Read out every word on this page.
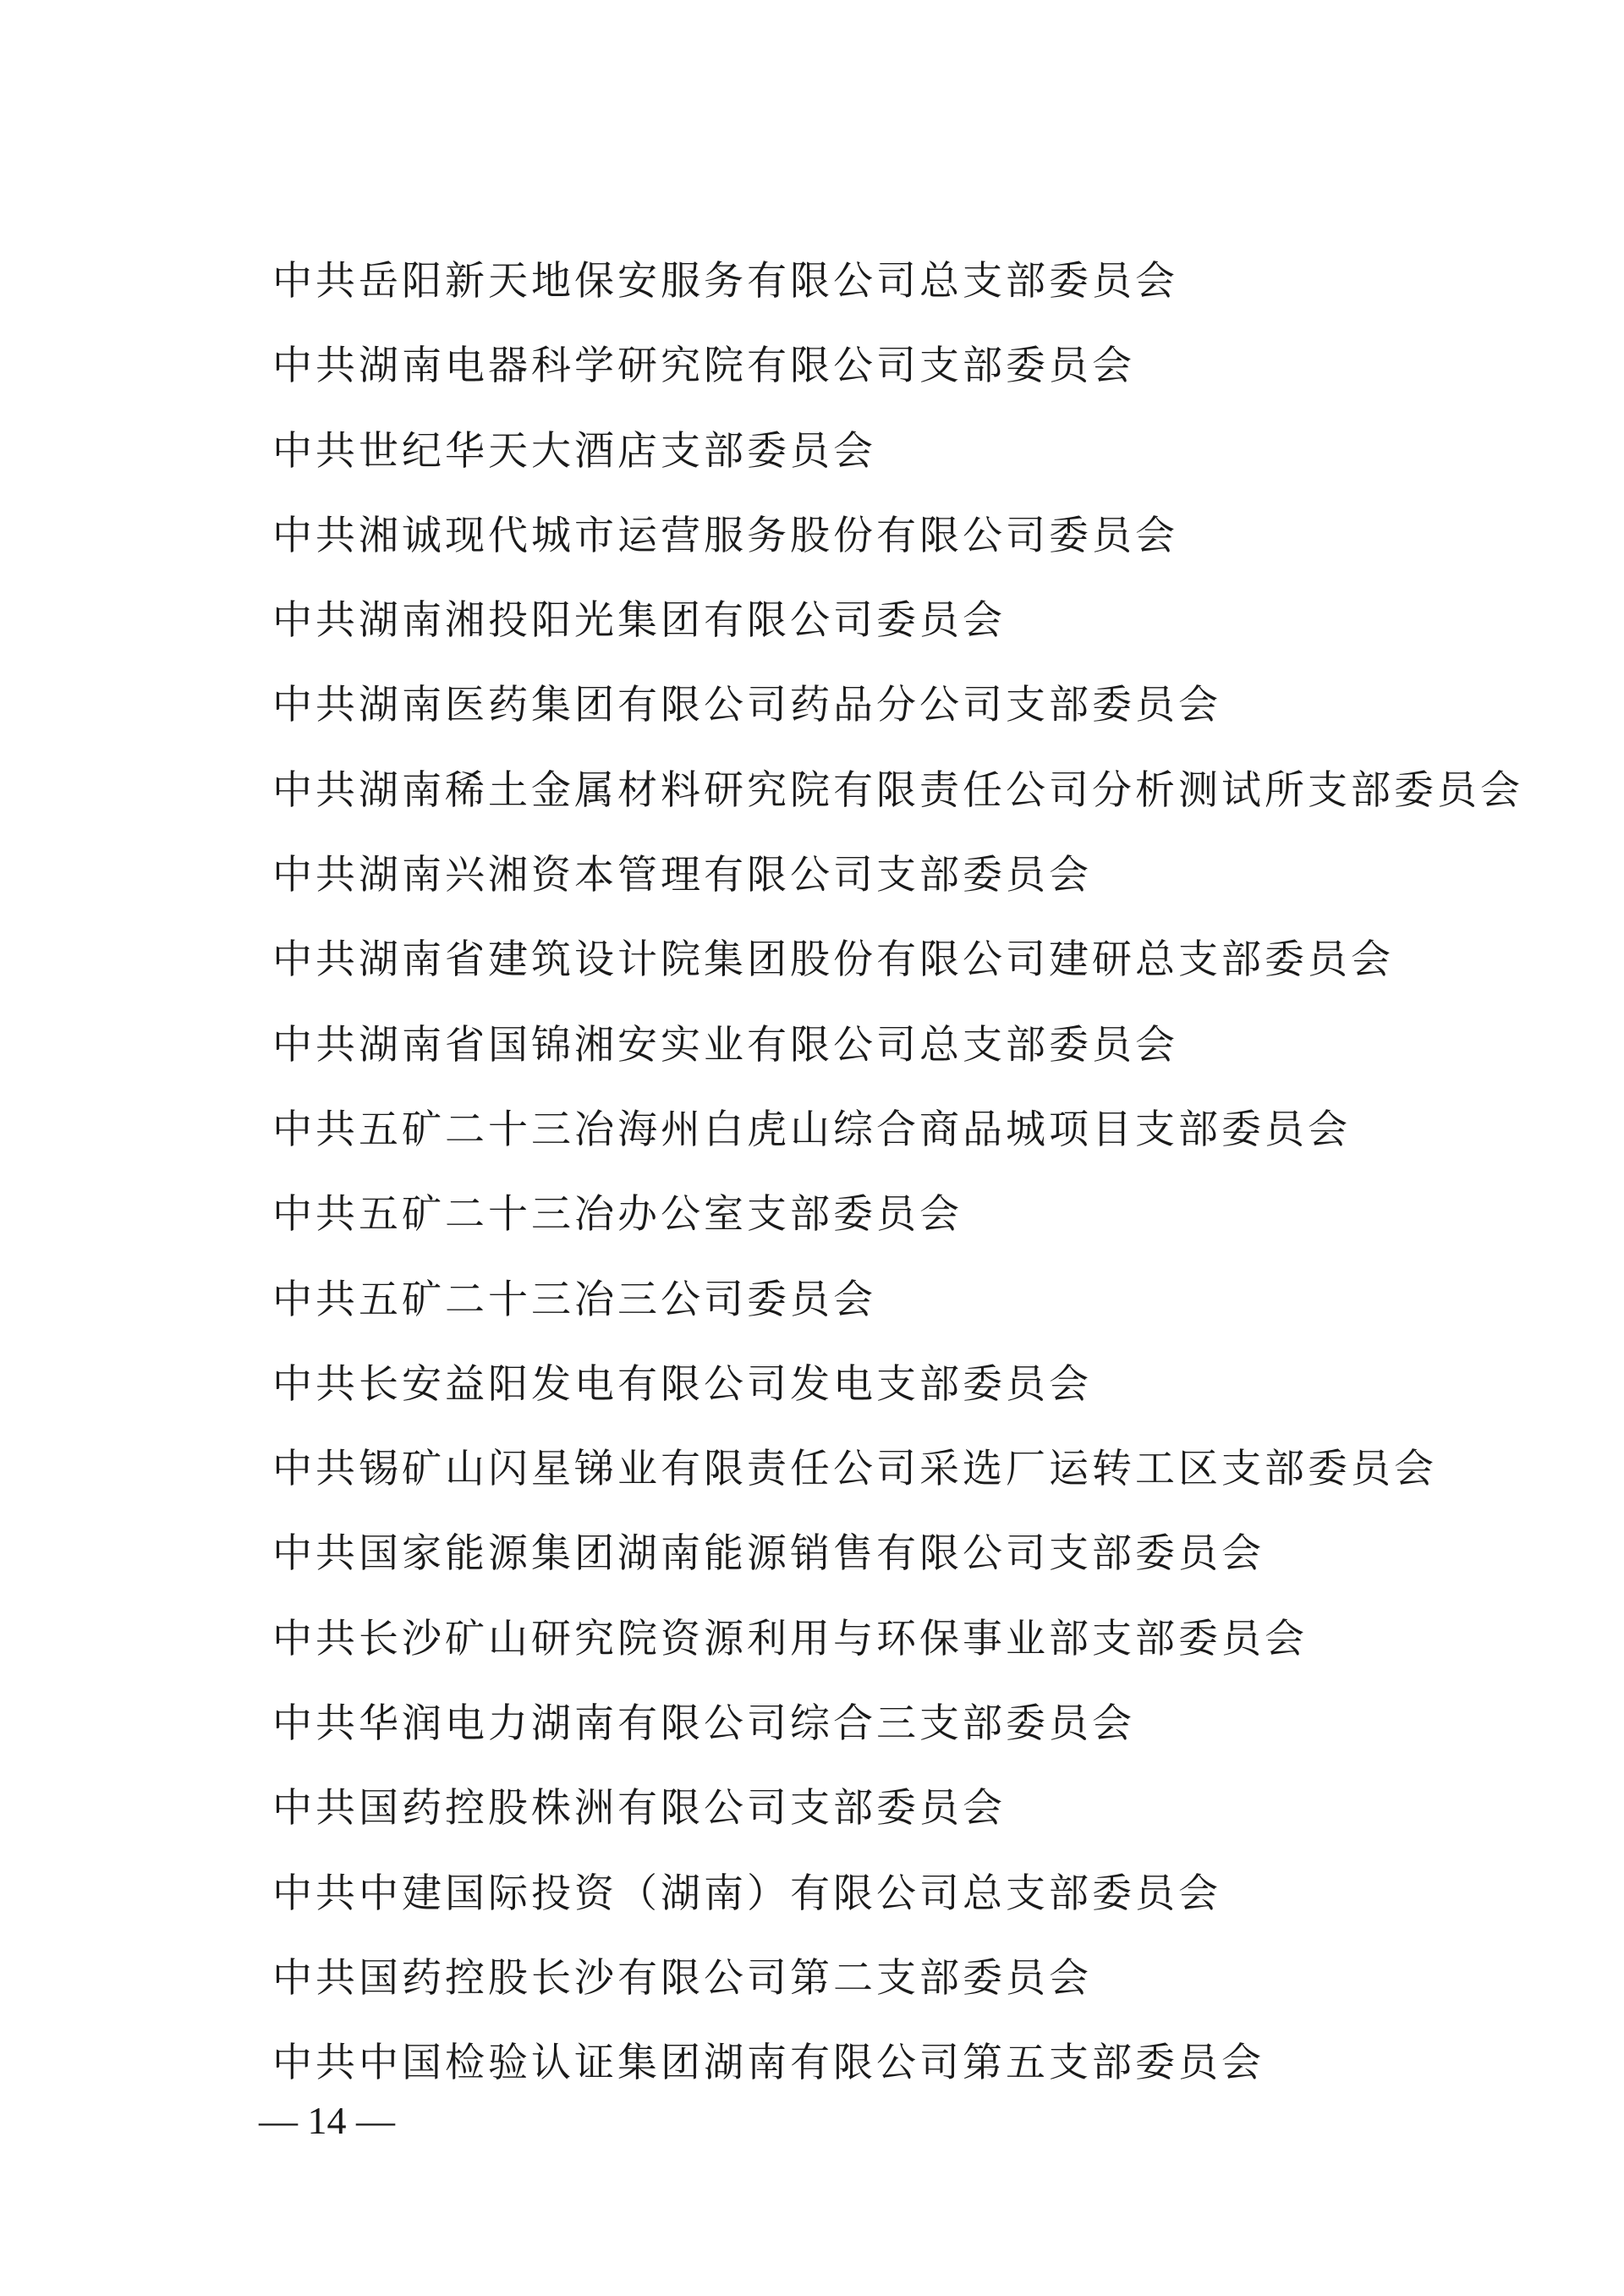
中共岳阳新天地保安服务有限公司总支部委员会
中共湖南电器科学研究院有限公司支部委员会
中共世纪华天大酒店支部委员会
中共湘诚现代城市运营服务股份有限公司委员会
中共湖南湘投阳光集团有限公司委员会
中共湖南医药集团有限公司药品分公司支部委员会
中共湖南稀土金属材料研究院有限责任公司分析测试所支部委员会
中共湖南兴湘资本管理有限公司支部委员会
中共湖南省建筑设计院集团股份有限公司建研总支部委员会
中共湖南省国锦湘安实业有限公司总支部委员会
中共五矿二十三冶海州白虎山综合商品城项目支部委员会
中共五矿二十三冶办公室支部委员会
中共五矿二十三冶三公司委员会
中共长安益阳发电有限公司发电支部委员会
中共锡矿山闪星锑业有限责任公司采选厂运转工区支部委员会
中共国家能源集团湖南能源销售有限公司支部委员会
中共长沙矿山研究院资源利用与环保事业部支部委员会
中共华润电力湖南有限公司综合三支部委员会
中共国药控股株洲有限公司支部委员会
中共中建国际投资（湖南）有限公司总支部委员会
中共国药控股长沙有限公司第二支部委员会
中共中国检验认证集团湖南有限公司第五支部委员会
— 14 —
